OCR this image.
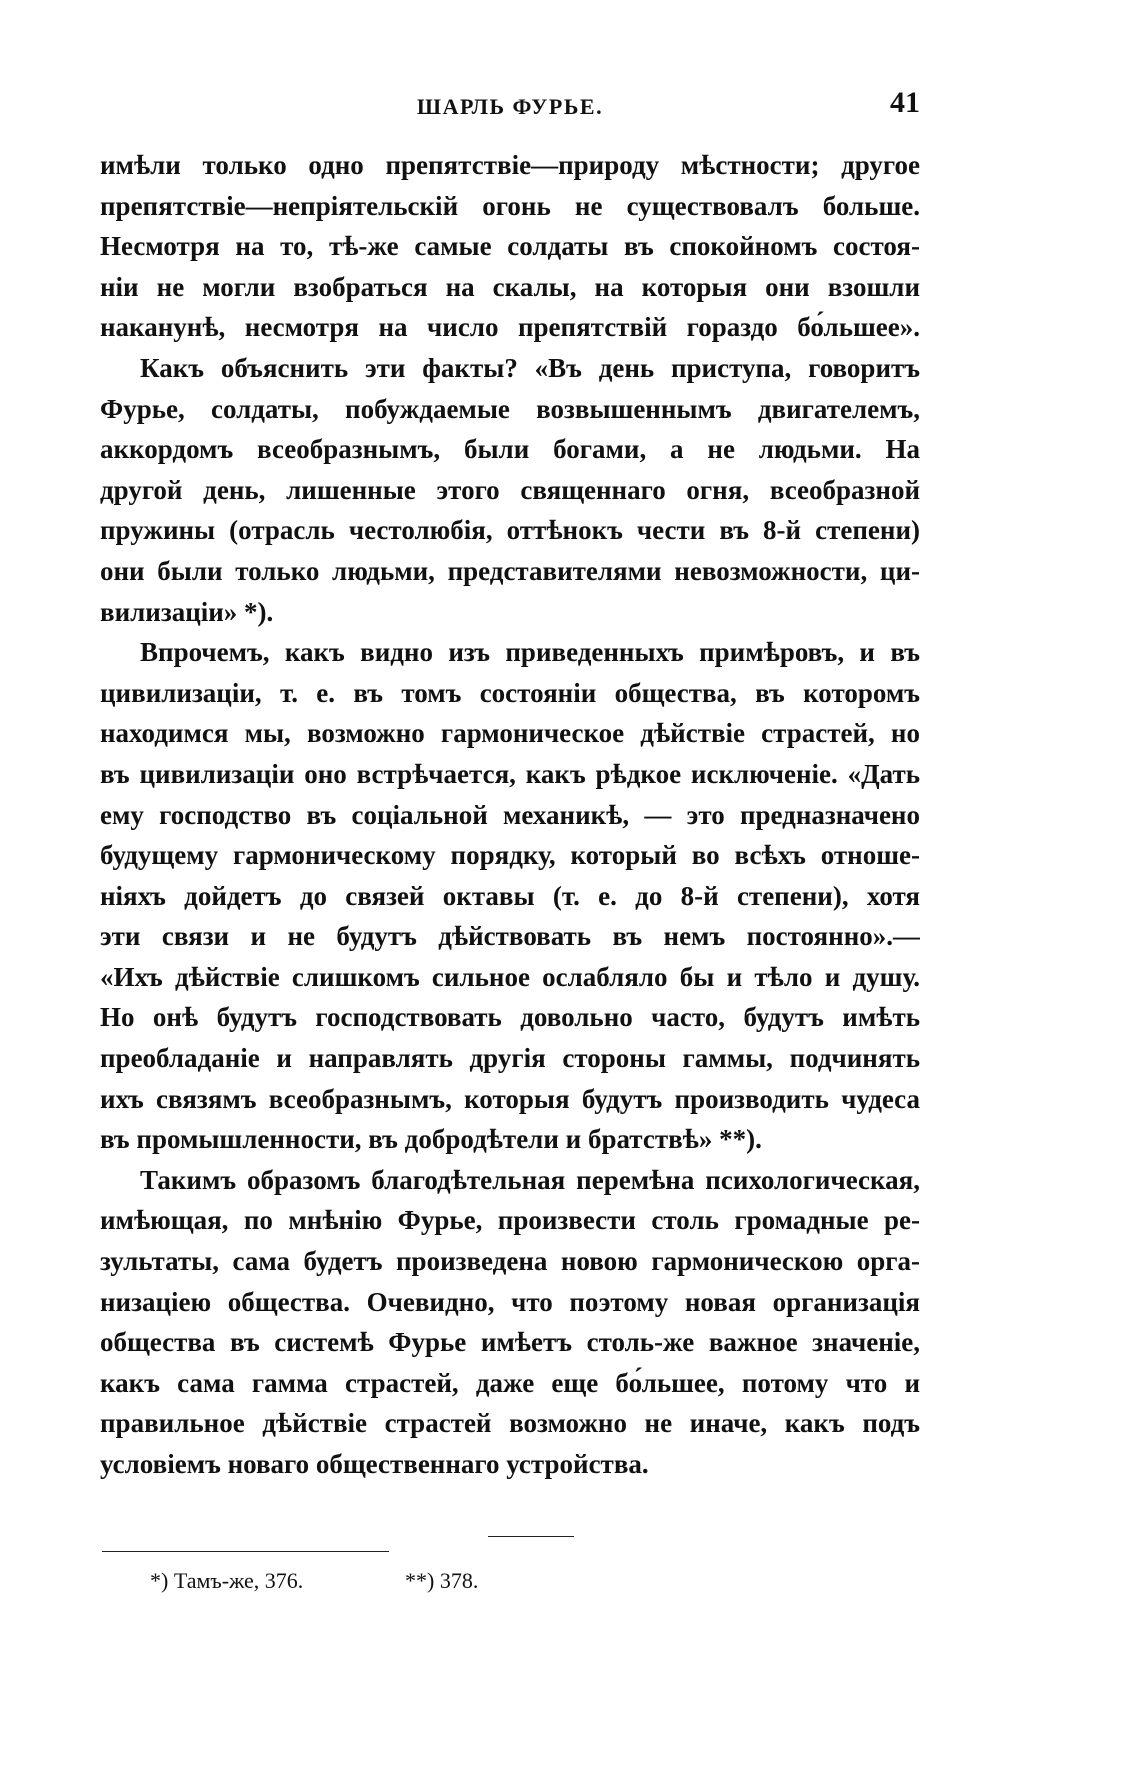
ШАРЛЬ ФУРЬЕ.	41
имѣли только одно препятствіе—природу мѣстности; другое
препятствіе—непріятельскій огонь не существовалъ больше.
Несмотря на то, тѣ-же самые солдаты въ спокойномъ состоя-
ніи не могли взобраться на скалы, на которыя они взошли
наканунѣ, несмотря на число препятствій гораздо бо́льшее».
Какъ объяснить эти факты? «Въ день приступа, говоритъ
Фурье, солдаты, побуждаемые возвышеннымъ двигателемъ,
аккордомъ всеобразнымъ, были богами, а не людьми. На
другой день, лишенные этого священнаго огня, всеобразной
пружины (отрасль честолюбія, оттѣнокъ чести въ 8-й степени)
они были только людьми, представителями невозможности, ци-
вилизаціи» *).
Впрочемъ, какъ видно изъ приведенныхъ примѣровъ, и въ
цивилизаціи, т. е. въ томъ состояніи общества, въ которомъ
находимся мы, возможно гармоническое дѣйствіе страстей, но
въ цивилизаціи оно встрѣчается, какъ рѣдкое исключеніе. «Дать
ему господство въ соціальной механикѣ, — это предназначено
будущему гармоническому порядку, который во всѣхъ отноше-
ніяхъ дойдетъ до связей октавы (т. е. до 8-й степени), хотя
эти связи и не будутъ дѣйствовать въ немъ постоянно».—
«Ихъ дѣйствіе слишкомъ сильное ослабляло бы и тѣло и душу.
Но онѣ будутъ господствовать довольно часто, будутъ имѣть
преобладаніе и направлять другія стороны гаммы, подчинять
ихъ связямъ всеобразнымъ, которыя будутъ производить чудеса
въ промышленности, въ добродѣтели и братствѣ» **).
Такимъ образомъ благодѣтельная перемѣна психологическая,
имѣющая, по мнѣнію Фурье, произвести столь громадные ре-
зультаты, сама будетъ произведена новою гармоническою орга-
низаціею общества. Очевидно, что поэтому новая организація
общества въ системѣ Фурье имѣетъ столь-же важное значеніе,
какъ сама гамма страстей, даже еще бо́льшее, потому что и
правильное дѣйствіе страстей возможно не иначе, какъ подъ
условіемъ новаго общественнаго устройства.
*) Тамъ-же, 376.	**) 378.
